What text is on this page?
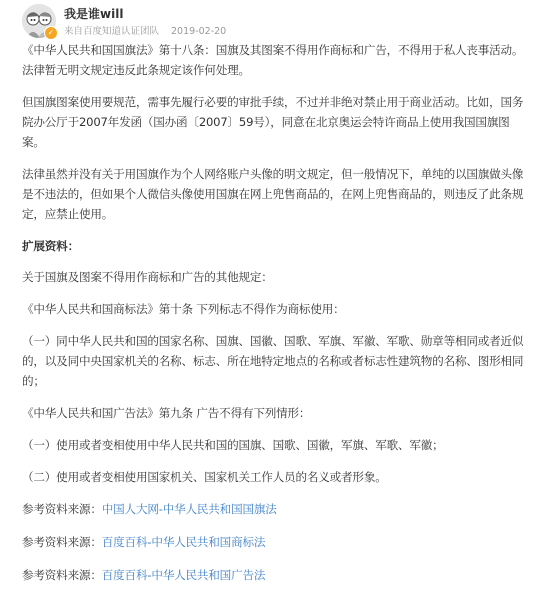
✓
我是谁will
来自百度知道认证团队 2019-02-20

《中华人民共和国国旗法》第十八条：国旗及其图案不得用作商标和广告，不得用于私人丧事活动。法律暂无明文规定违反此条规定该作何处理。

但国旗图案使用要规范，需事先履行必要的审批手续，不过并非绝对禁止用于商业活动。比如，国务院办公厅于2007年发函（国办函〔2007〕59号），同意在北京奥运会特许商品上使用我国国旗图案。

法律虽然并没有关于用国旗作为个人网络账户头像的明文规定，但一般情况下，单纯的以国旗做头像是不违法的，但如果个人微信头像使用国旗在网上兜售商品的，在网上兜售商品的，则违反了此条规定，应禁止使用。

扩展资料：

关于国旗及图案不得用作商标和广告的其他规定：

《中华人民共和国商标法》第十条 下列标志不得作为商标使用：

（一）同中华人民共和国的国家名称、国旗、国徽、国歌、军旗、军徽、军歌、勋章等相同或者近似的，以及同中央国家机关的名称、标志、所在地特定地点的名称或者标志性建筑物的名称、图形相同的；

《中华人民共和国广告法》第九条 广告不得有下列情形：

（一）使用或者变相使用中华人民共和国的国旗、国歌、国徽，军旗、军歌、军徽；

（二）使用或者变相使用国家机关、国家机关工作人员的名义或者形象。

参考资料来源：中国人大网-中华人民共和国国旗法

参考资料来源：百度百科-中华人民共和国商标法

参考资料来源：百度百科-中华人民共和国广告法
